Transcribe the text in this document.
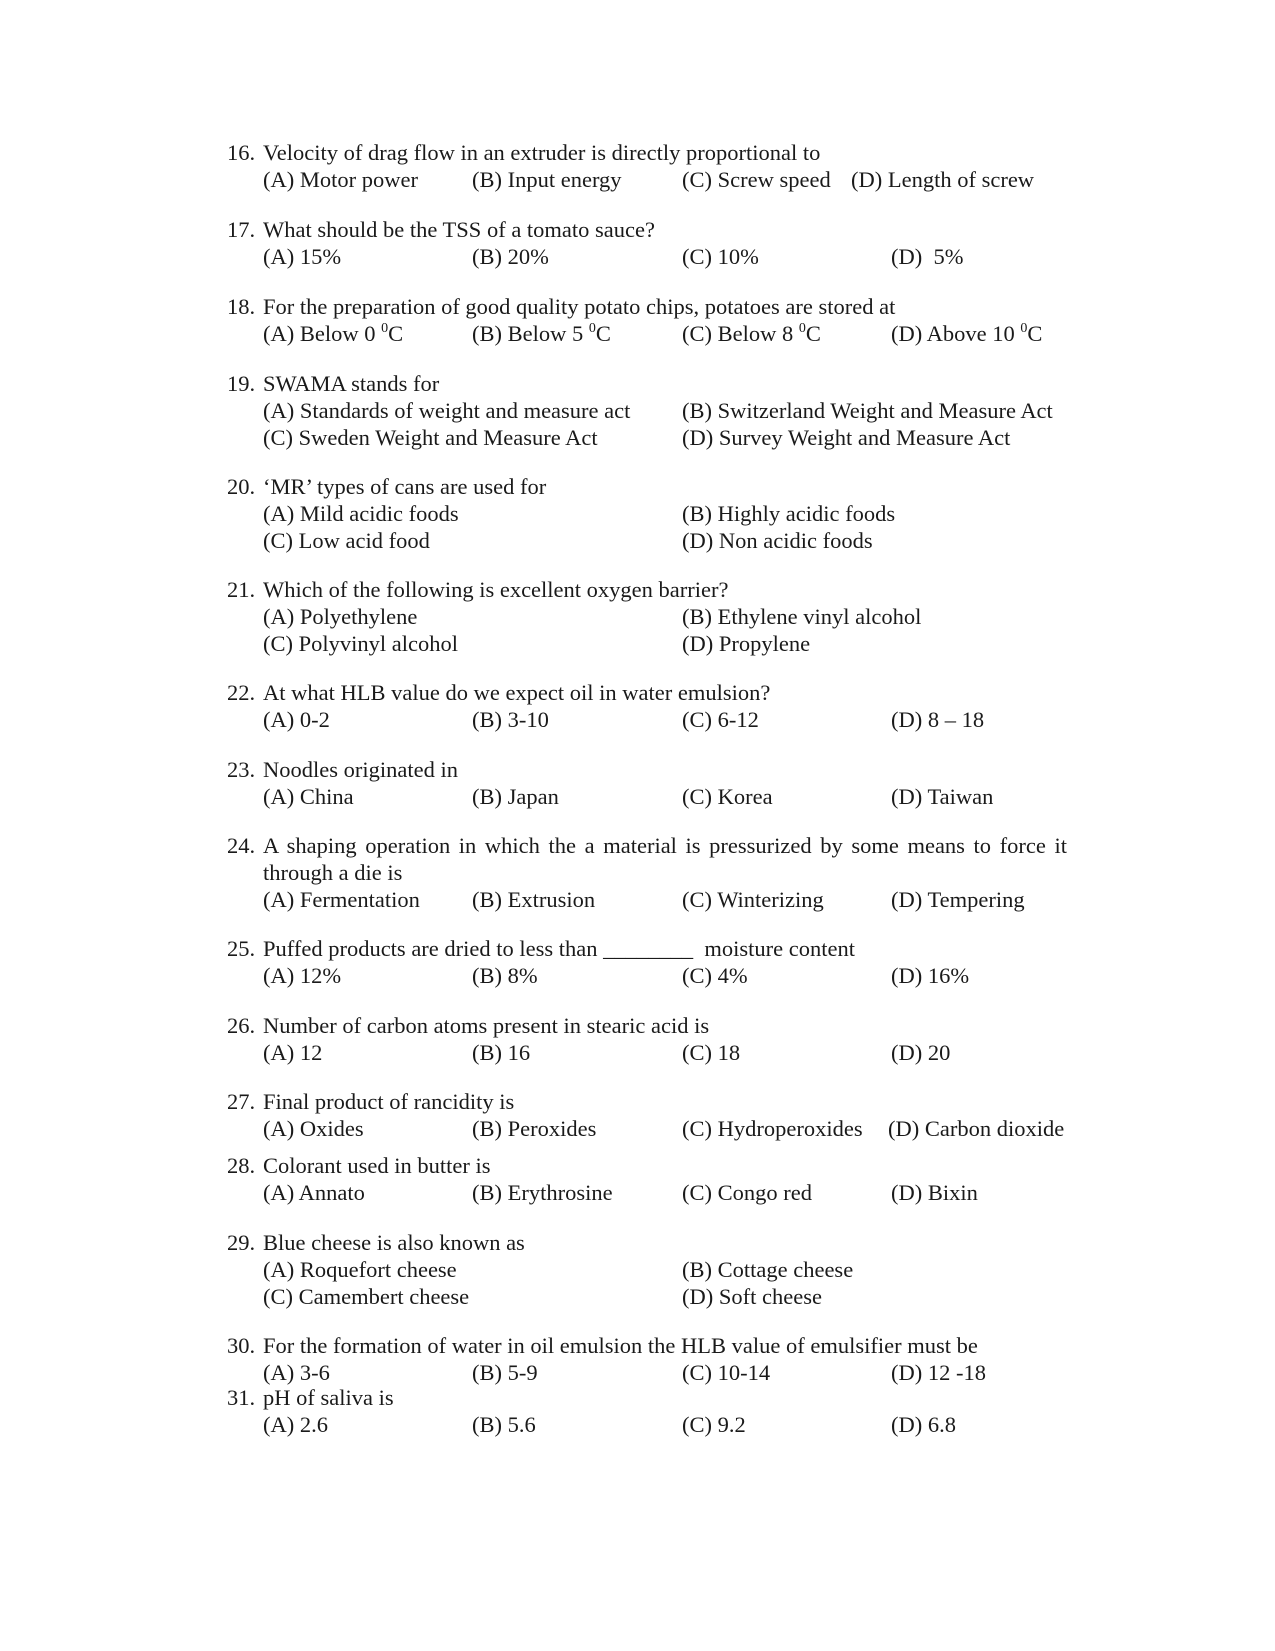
16. Velocity of drag flow in an extruder is directly proportional to
(A) Motor power (B) Input energy	(C) Screw speed (D) Length of screw
17. What should be the TSS of a tomato sauce?
(A) 15%	(B) 20%	(C) 10%	(D)  5%
18. For the preparation of good quality potato chips, potatoes are stored at
(A) Below 0 $^0$C	(B) Below 5 $^0$C	(C) Below 8 $^0$C	(D) Above 10 $^0$C
19. SWAMA stands for
(A) Standards of weight and measure act (B) Switzerland Weight and Measure Act
(C) Sweden Weight and Measure Act	(D) Survey Weight and Measure Act
20. ‘MR’ types of cans are used for
(A) Mild acidic foods	(B) Highly acidic foods
(C) Low acid food	(D) Non acidic foods
21. Which of the following is excellent oxygen barrier?
(A) Polyethylene	(B) Ethylene vinyl alcohol
(C) Polyvinyl alcohol	(D) Propylene
22. At what HLB value do we expect oil in water emulsion?
(A) 0-2	(B) 3-10	(C) 6-12	(D) 8 – 18
23. Noodles originated in
(A) China	(B) Japan	(C) Korea	(D) Taiwan
24. A shaping operation in which the a material is pressurized by some means to force it through a die is
(A) Fermentation (B) Extrusion	(C) Winterizing	(D) Tempering
25. Puffed products are dried to less than ________  moisture content
(A) 12%	(B) 8%	(C) 4%	(D) 16%
26. Number of carbon atoms present in stearic acid is
(A) 12	(B) 16	(C) 18	(D) 20
27. Final product of rancidity is
(A) Oxides	(B) Peroxides	(C) Hydroperoxides (D) Carbon dioxide
28. Colorant used in butter is
(A) Annato	(B) Erythrosine	(C) Congo red	(D) Bixin
29. Blue cheese is also known as
(A) Roquefort cheese	(B) Cottage cheese
(C) Camembert cheese	(D) Soft cheese
30. For the formation of water in oil emulsion the HLB value of emulsifier must be
(A) 3-6	(B) 5-9	(C) 10-14	(D) 12 -18
31. pH of saliva is
(A) 2.6	(B) 5.6	(C) 9.2	(D) 6.8
